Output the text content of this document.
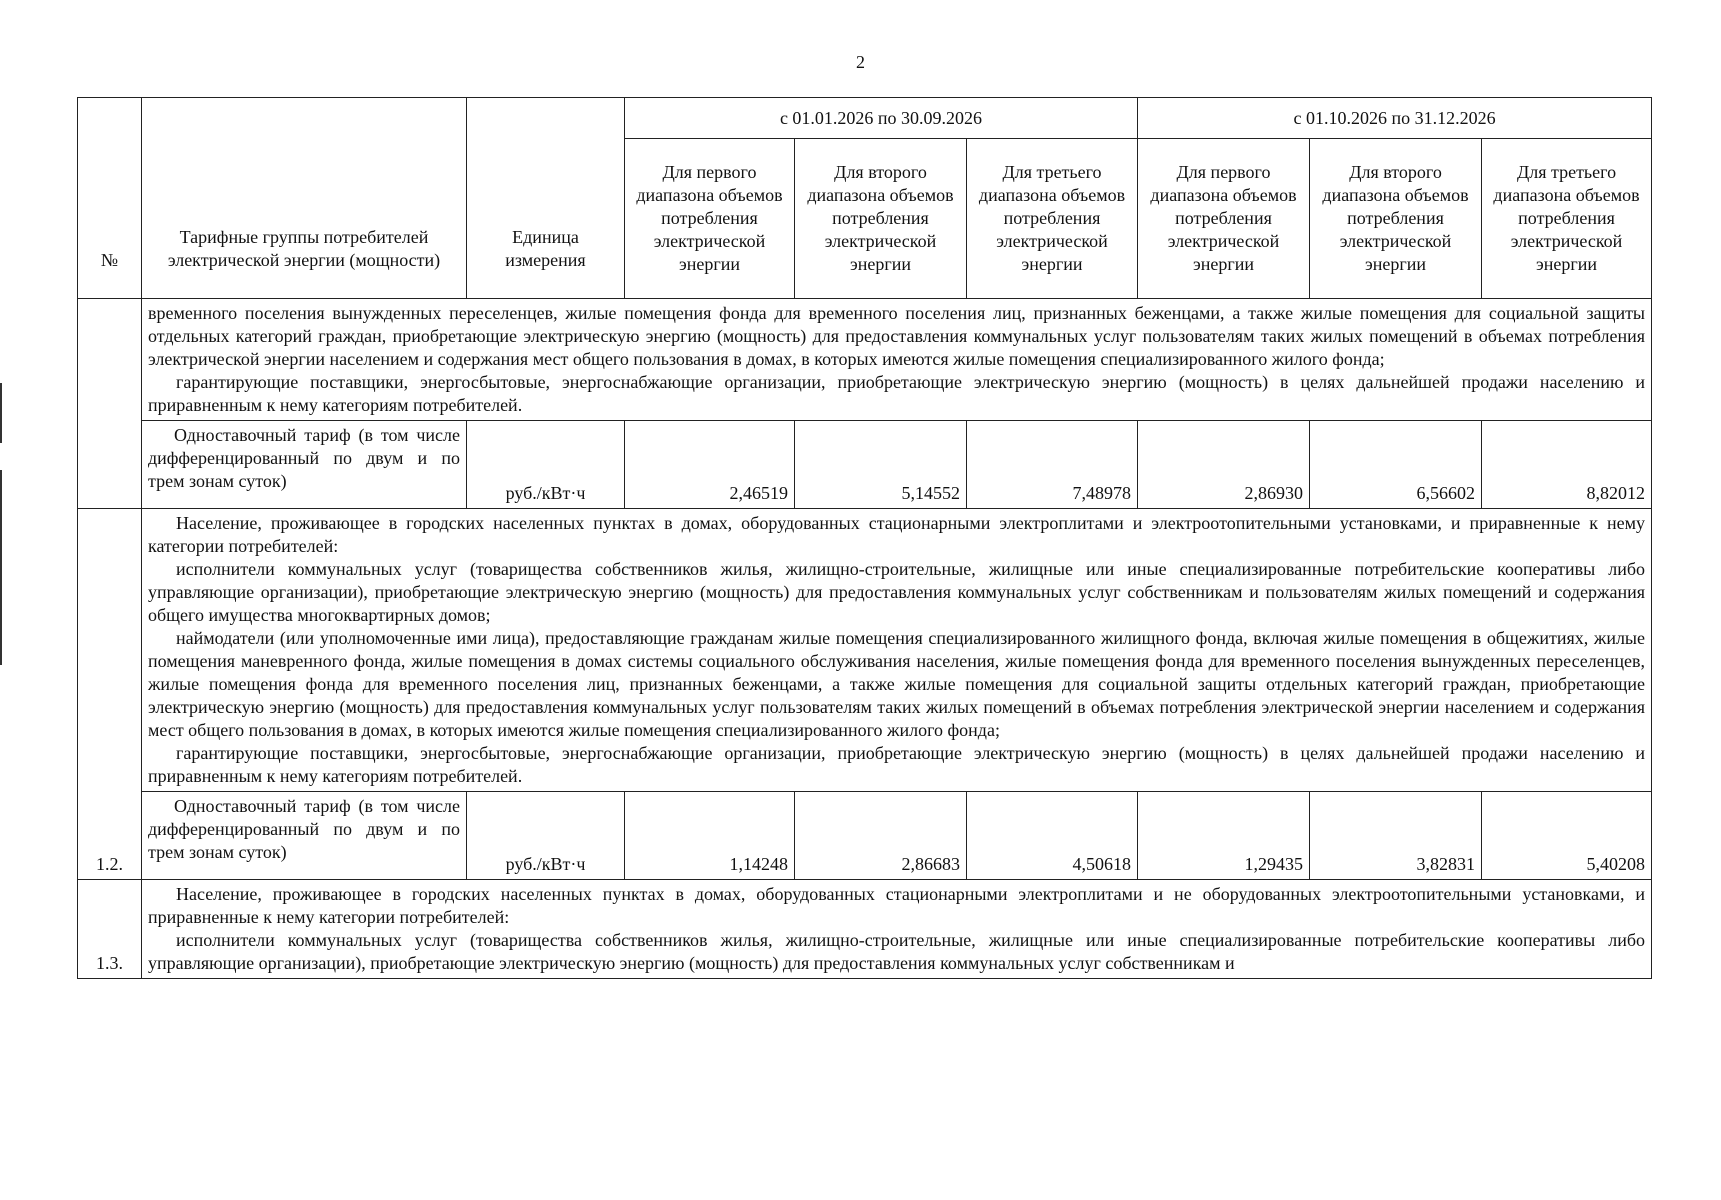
2
№	Тарифные группы потребителей электрической энергии (мощности)	Единица измерения	с 01.01.2026 по 30.09.2026			с 01.10.2026 по 31.12.2026		
			Для первого диапазона объемов потребления электрической энергии	Для второго диапазона объемов потребления электрической энергии	Для третьего диапазона объемов потребления электрической энергии	Для первого диапазона объемов потребления электрической энергии	Для второго диапазона объемов потребления электрической энергии	Для третьего диапазона объемов потребления электрической энергии

	временного поселения вынужденных переселенцев, жилые помещения фонда для временного поселения лиц, признанных беженцами, а также жилые помещения для социальной защиты отдельных категорий граждан, приобретающие электрическую энергию (мощность) для предоставления коммунальных услуг пользователям таких жилых помещений в объемах потребления электрической энергии населением и содержания мест общего пользования в домах, в которых имеются жилые помещения специализированного жилого фонда;

гарантирующие поставщики, энергосбытовые, энергоснабжающие организации, приобретающие электрическую энергию (мощность) в целях дальнейшей продажи населению и приравненным к нему категориям потребителей.							

	Одноставочный тариф (в том числе дифференцированный по двум и по трем зонам суток)	руб./кВт·ч	2,46519	5,14552	7,48978	2,86930	6,56602	8,82012
1.2.	Население, проживающее в городских населенных пунктах в домах, оборудованных стационарными электроплитами и электроотопительными установками, и приравненные к нему категории потребителей:

исполнители коммунальных услуг (товарищества собственников жилья, жилищно-строительные, жилищные или иные специализированные потребительские кооперативы либо управляющие организации), приобретающие электрическую энергию (мощность) для предоставления коммунальных услуг собственникам и пользователям жилых помещений и содержания общего имущества многоквартирных домов;

наймодатели (или уполномоченные ими лица), предоставляющие гражданам жилые помещения специализированного жилищного фонда, включая жилые помещения в общежитиях, жилые помещения маневренного фонда, жилые помещения в домах системы социального обслуживания населения, жилые помещения фонда для временного поселения вынужденных переселенцев, жилые помещения фонда для временного поселения лиц, признанных беженцами, а также жилые помещения для социальной защиты отдельных категорий граждан, приобретающие электрическую энергию (мощность) для предоставления коммунальных услуг пользователям таких жилых помещений в объемах потребления электрической энергии населением и содержания мест общего пользования в домах, в которых имеются жилые помещения специализированного жилого фонда;

гарантирующие поставщики, энергосбытовые, энергоснабжающие организации, приобретающие электрическую энергию (мощность) в целях дальнейшей продажи населению и приравненным к нему категориям потребителей.							

	Одноставочный тариф (в том числе дифференцированный по двум и по трем зонам суток)	руб./кВт·ч	1,14248	2,86683	4,50618	1,29435	3,82831	5,40208
1.3.	Население, проживающее в городских населенных пунктах в домах, оборудованных стационарными электроплитами и не оборудованных электроотопительными установками, и приравненные к нему категории потребителей:

исполнители коммунальных услуг (товарищества собственников жилья, жилищно-строительные, жилищные или иные специализированные потребительские кооперативы либо управляющие организации), приобретающие электрическую энергию (мощность) для предоставления коммунальных услуг собственникам и							
